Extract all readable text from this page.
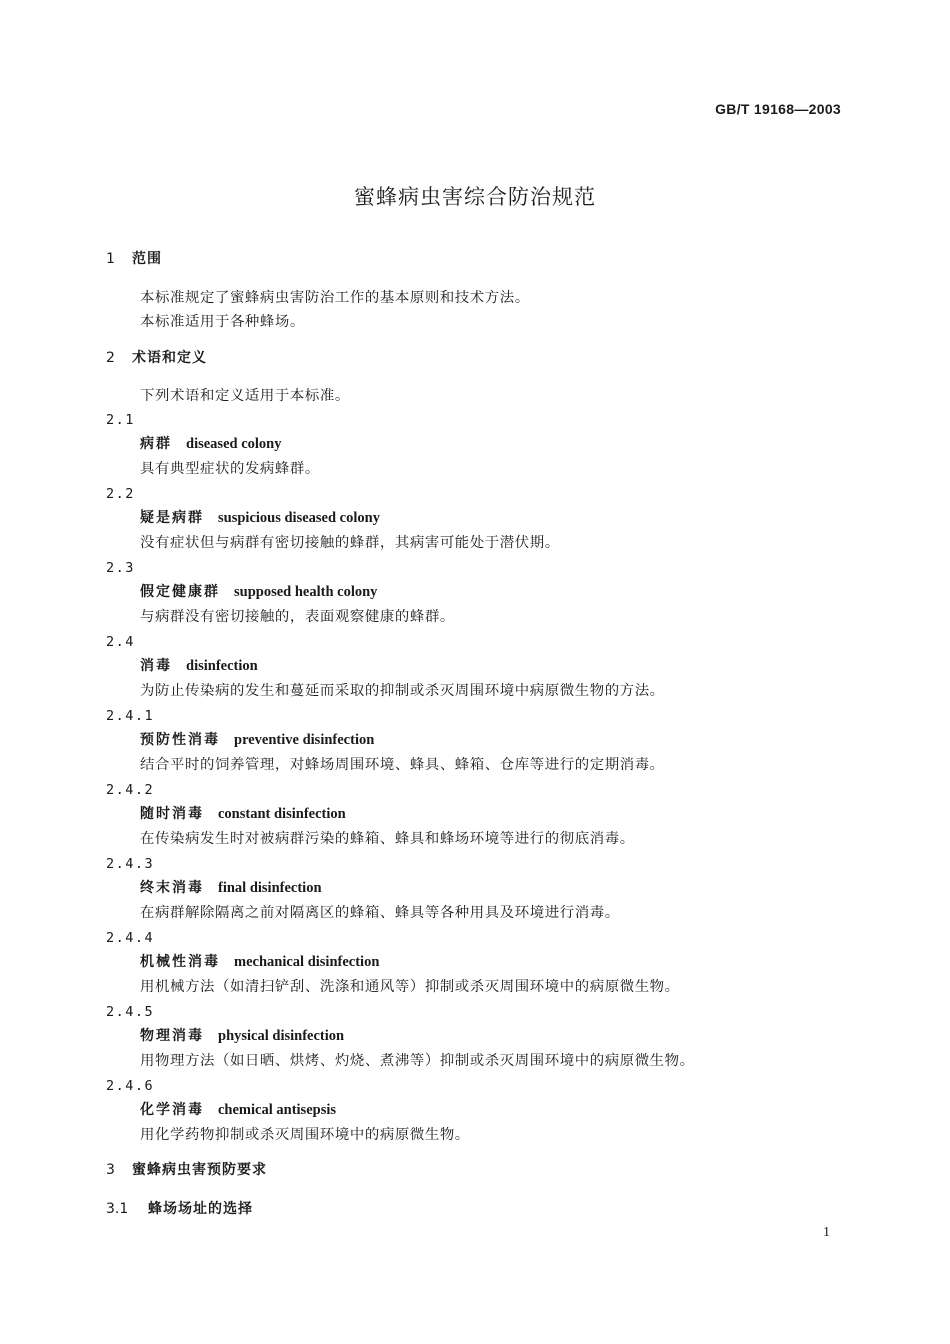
GB/T 19168—2003
蜜蜂病虫害综合防治规范
1 范围
本标准规定了蜜蜂病虫害防治工作的基本原则和技术方法。
本标准适用于各种蜂场。
2 术语和定义
下列术语和定义适用于本标准。
2.1
病群 diseased colony
具有典型症状的发病蜂群。
2.2
疑是病群 suspicious diseased colony
没有症状但与病群有密切接触的蜂群，其病害可能处于潜伏期。
2.3
假定健康群 supposed health colony
与病群没有密切接触的，表面观察健康的蜂群。
2.4
消毒 disinfection
为防止传染病的发生和蔓延而采取的抑制或杀灭周围环境中病原微生物的方法。
2.4.1
预防性消毒 preventive disinfection
结合平时的饲养管理，对蜂场周围环境、蜂具、蜂箱、仓库等进行的定期消毒。
2.4.2
随时消毒 constant disinfection
在传染病发生时对被病群污染的蜂箱、蜂具和蜂场环境等进行的彻底消毒。
2.4.3
终末消毒 final disinfection
在病群解除隔离之前对隔离区的蜂箱、蜂具等各种用具及环境进行消毒。
2.4.4
机械性消毒 mechanical disinfection
用机械方法（如清扫铲刮、洗涤和通风等）抑制或杀灭周围环境中的病原微生物。
2.4.5
物理消毒 physical disinfection
用物理方法（如日晒、烘烤、灼烧、煮沸等）抑制或杀灭周围环境中的病原微生物。
2.4.6
化学消毒 chemical antisepsis
用化学药物抑制或杀灭周围环境中的病原微生物。
3 蜜蜂病虫害预防要求
3.1 蜂场场址的选择
1
